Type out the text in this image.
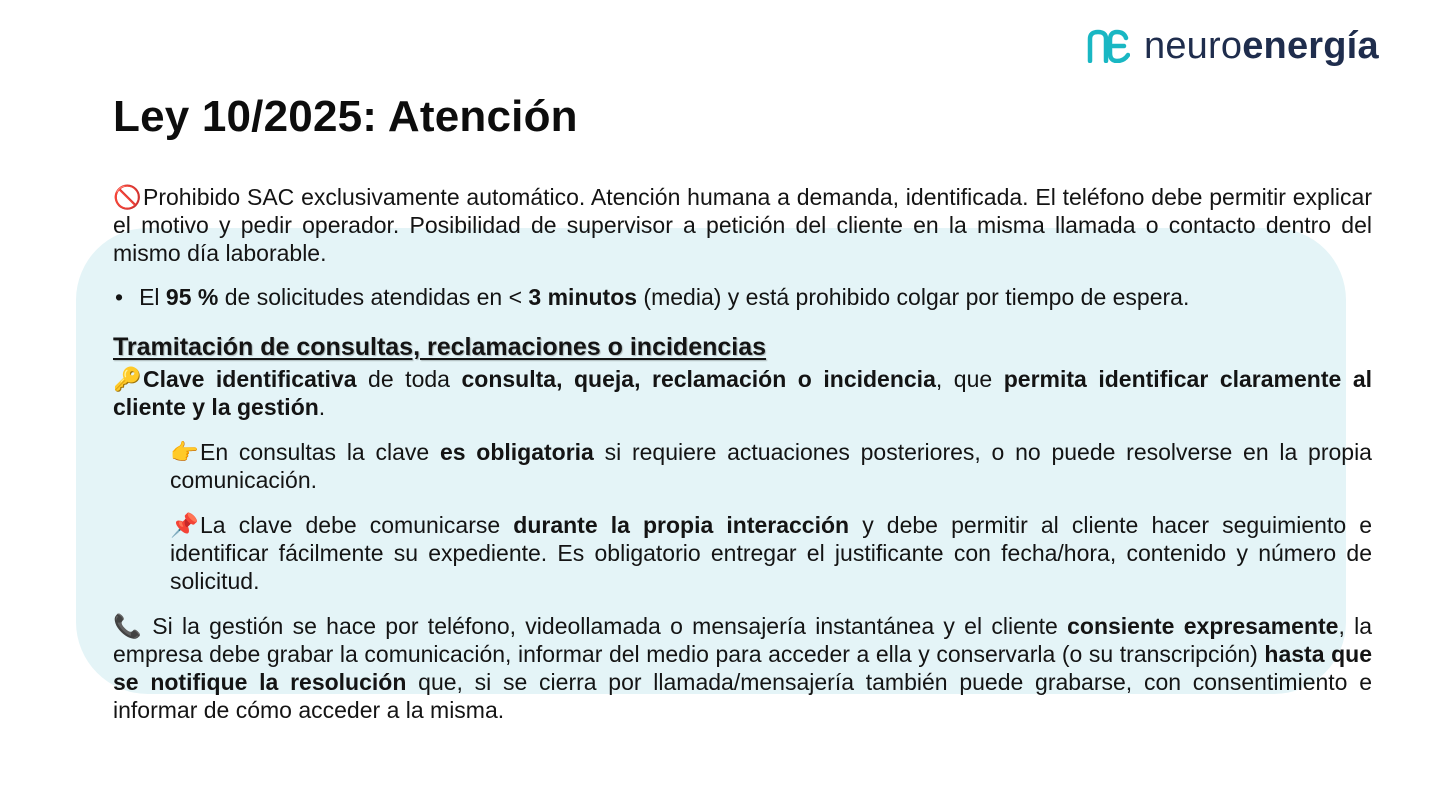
neuroenergía
Ley 10/2025: Atención

🚫Prohibido SAC exclusivamente automático. Atención humana a demanda, identificada. El teléfono debe permitir explicar el motivo y pedir operador. Posibilidad de supervisor a petición del cliente en la misma llamada o contacto dentro del mismo día laborable.

• El 95 % de solicitudes atendidas en < 3 minutos (media) y está prohibido colgar por tiempo de espera.

Tramitación de consultas, reclamaciones o incidencias

🔑Clave identificativa de toda consulta, queja, reclamación o incidencia, que permita identificar claramente al cliente y la gestión.

👉En consultas la clave es obligatoria si requiere actuaciones posteriores, o no puede resolverse en la propia comunicación.

📌La clave debe comunicarse durante la propia interacción y debe permitir al cliente hacer seguimiento e identificar fácilmente su expediente. Es obligatorio entregar el justificante con fecha/hora, contenido y número de solicitud.

📞 Si la gestión se hace por teléfono, videollamada o mensajería instantánea y el cliente consiente expresamente, la empresa debe grabar la comunicación, informar del medio para acceder a ella y conservarla (o su transcripción) hasta que se notifique la resolución que, si se cierra por llamada/mensajería también puede grabarse, con consentimiento e informar de cómo acceder a la misma.
